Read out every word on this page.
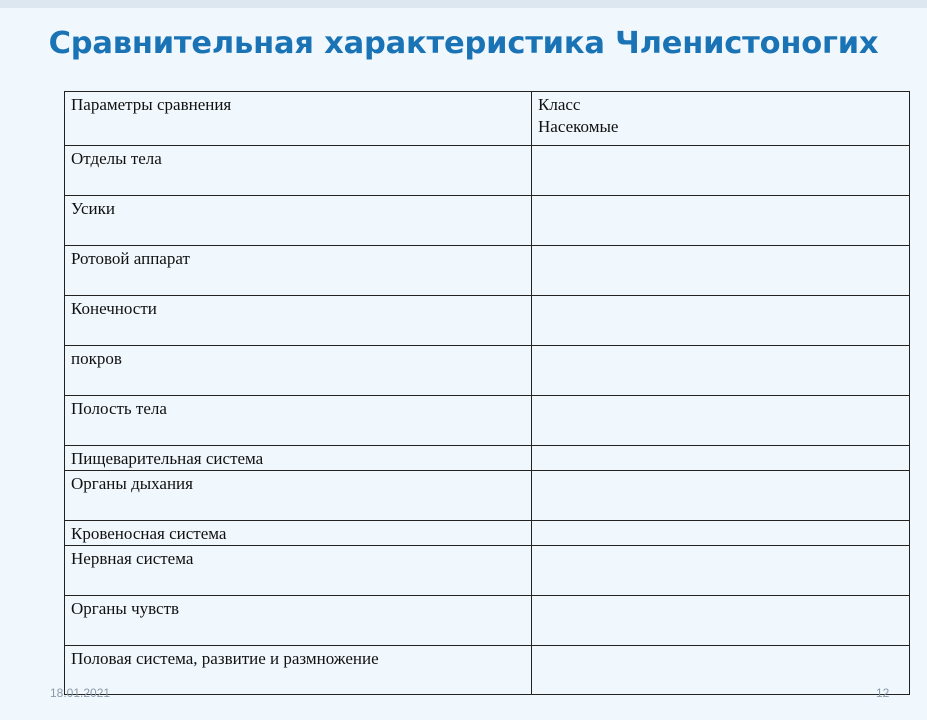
Сравнительная характеристика Членистоногих
Параметры сравнения	Класс
Насекомые

Отделы тела	
Усики	
Ротовой аппарат	
Конечности	
покров	
Полость тела	
Пищеварительная система	
Органы дыхания	
Кровеносная система	
Нервная система	
Органы чувств	
Половая система, развитие и размножение	
18.01.2021	12
